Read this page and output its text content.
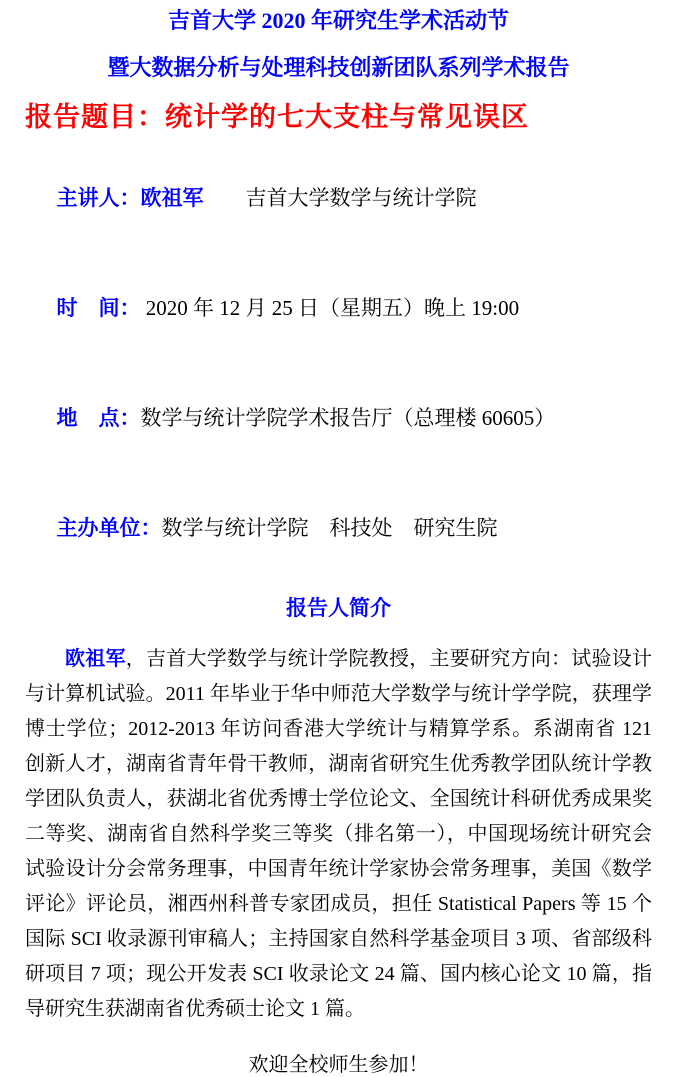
吉首大学 2020 年研究生学术活动节
暨大数据分析与处理科技创新团队系列学术报告
报告题目：统计学的七大支柱与常见误区

主讲人：欧祖军　　吉首大学数学与统计学院

时　间： 2020 年 12 月 25 日（星期五）晚上 19:00

地　点：数学与统计学院学术报告厅（总理楼 60605）

主办单位：数学与统计学院　科技处　研究生院

报告人简介

欧祖军，吉首大学数学与统计学院教授，主要研究方向：试验设计与计算机试验。2011 年毕业于华中师范大学数学与统计学学院，获理学博士学位；2012-2013 年访问香港大学统计与精算学系。系湖南省 121 创新人才，湖南省青年骨干教师，湖南省研究生优秀教学团队统计学教学团队负责人，获湖北省优秀博士学位论文、全国统计科研优秀成果奖二等奖、湖南省自然科学奖三等奖（排名第一），中国现场统计研究会试验设计分会常务理事，中国青年统计学家协会常务理事，美国《数学评论》评论员，湘西州科普专家团成员，担任 Statistical Papers 等 15 个国际 SCI 收录源刊审稿人；主持国家自然科学基金项目 3 项、省部级科研项目 7 项；现公开发表 SCI 收录论文 24 篇、国内核心论文 10 篇，指导研究生获湖南省优秀硕士论文 1 篇。

欢迎全校师生参加！
